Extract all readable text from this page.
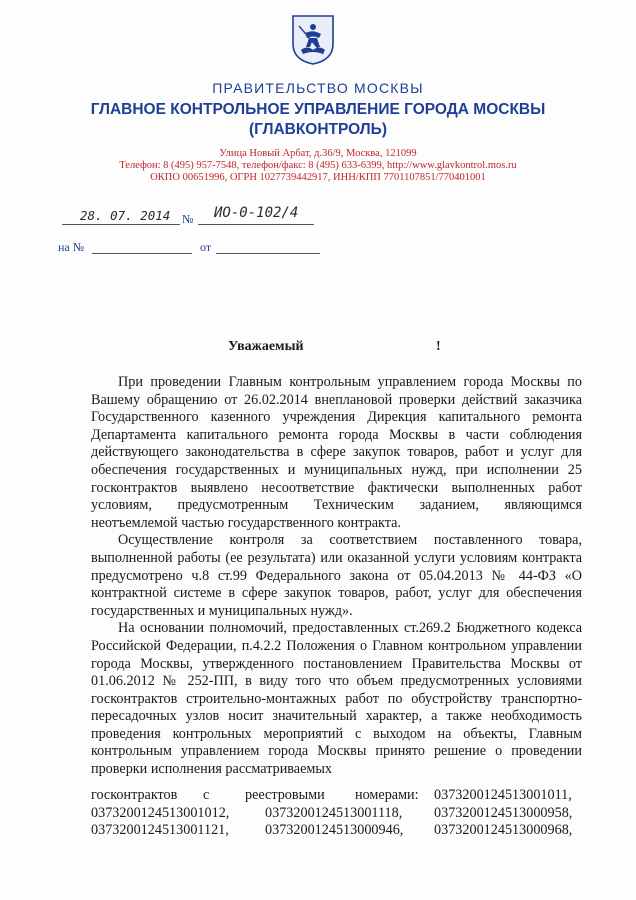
ПРАВИТЕЛЬСТВО МОСКВЫ
ГЛАВНОЕ КОНТРОЛЬНОЕ УПРАВЛЕНИЕ ГОРОДА МОСКВЫ
(ГЛАВКОНТРОЛЬ)
Улица Новый Арбат, д.36/9, Москва, 121099
Телефон: 8 (495) 957-7548, телефон/факс: 8 (495) 633-6399, http://www.glavkontrol.mos.ru
ОКПО 00651996, ОГРН 1027739442917, ИНН/КПП 7701107851/770401001
28. 07. 2014 № ИО-0-102/4
на №	от
Уважаемый	!

При проведении Главным контрольным управлением города Москвы по Вашему обращению от 26.02.2014 внеплановой проверки действий заказчика Государственного казенного учреждения Дирекция капитального ремонта Департамента капитального ремонта города Москвы в части соблюдения действующего законодательства в сфере закупок товаров, работ и услуг для обеспечения государственных и муниципальных нужд, при исполнении 25 госконтрактов выявлено несоответствие фактически выполненных работ условиям, предусмотренным Техническим заданием, являющимся неотъемлемой частью государственного контракта.

Осуществление контроля за соответствием поставленного товара, выполненной работы (ее результата) или оказанной услуги условиям контракта предусмотрено ч.8 ст.99 Федерального закона от 05.04.2013 № 44-ФЗ «О контрактной системе в сфере закупок товаров, работ, услуг для обеспечения государственных и муниципальных нужд».

На основании полномочий, предоставленных ст.269.2 Бюджетного кодекса Российской Федерации, п.4.2.2 Положения о Главном контрольном управлении города Москвы, утвержденного постановлением Правительства Москвы от 01.06.2012 № 252-ПП, в виду того что объем предусмотренных условиями госконтрактов строительно-монтажных работ по обустройству транспортно-пересадочных узлов носит значительный характер, а также необходимость проведения контрольных мероприятий с выходом на объекты, Главным контрольным управлением города Москвы принято решение о проведении проверки исполнения рассматриваемых

госконтрактов с	реестровыми номерами: 0373200124513001011,
0373200124513001012,	0373200124513001118, 0373200124513000958,
0373200124513001121,	0373200124513000946, 0373200124513000968,
